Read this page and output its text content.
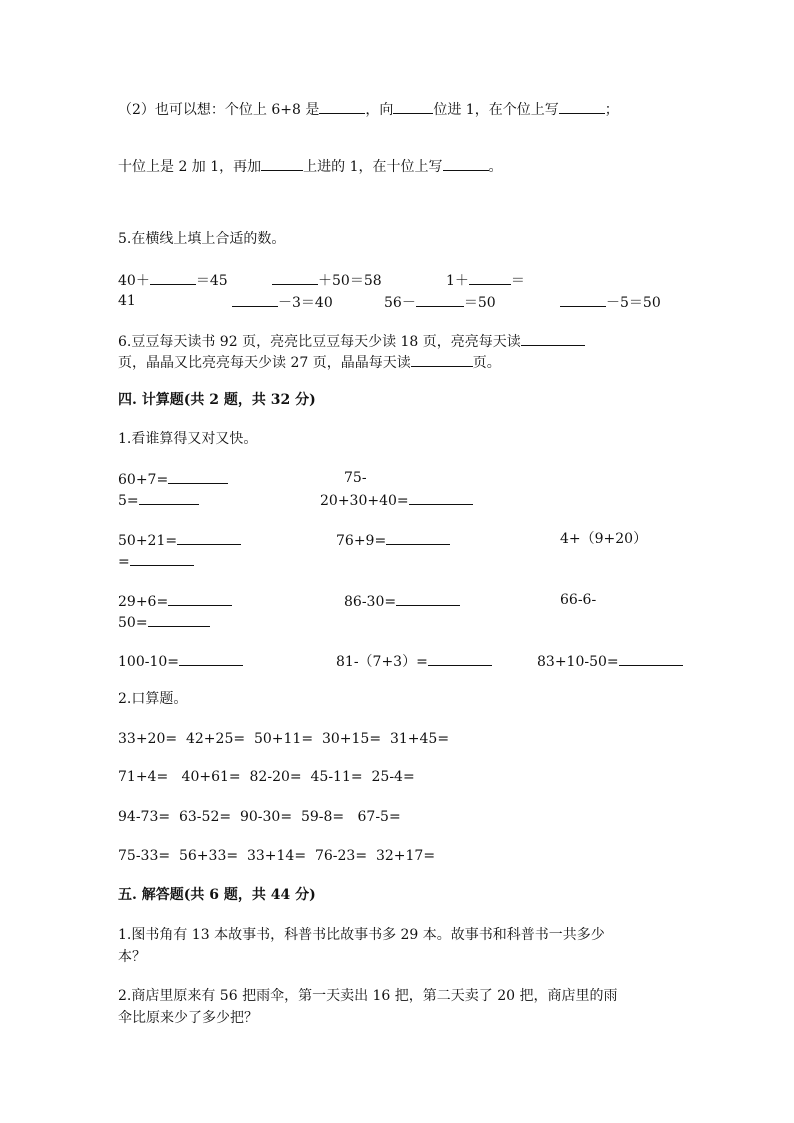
（2）也可以想：个位上 6+8 是	，向	位进 1，在个位上写	；
十位上是 2 加 1，再加	上进的 1，在十位上写	。
5.在横线上填上合适的数。
40＋	＝45	＋50＝58	1＋	＝
41	－3＝40	56－	＝50	－5＝50
6.豆豆每天读书 92 页，亮亮比豆豆每天少读 18 页，亮亮每天读
页，晶晶又比亮亮每天少读 27 页，晶晶每天读	页。
四. 计算题(共 2 题，共 32 分)
1.看谁算得又对又快。
60+7=	75-
5=	20+30+40=
50+21=	76+9=	4+（9+20）
=
29+6=	86-30=	66-6-
50=
100-10=	81-（7+3）=	83+10-50=
2.口算题。
33+20=  42+25=  50+11=  30+15=  31+45=
71+4=   40+61=  82-20=  45-11=  25-4=
94-73=  63-52=  90-30=  59-8=   67-5=
75-33=  56+33=  33+14=  76-23=  32+17=
五. 解答题(共 6 题，共 44 分)
1.图书角有 13 本故事书，科普书比故事书多 29 本。故事书和科普书一共多少
本？
2.商店里原来有 56 把雨伞，第一天卖出 16 把，第二天卖了 20 把，商店里的雨
伞比原来少了多少把？
